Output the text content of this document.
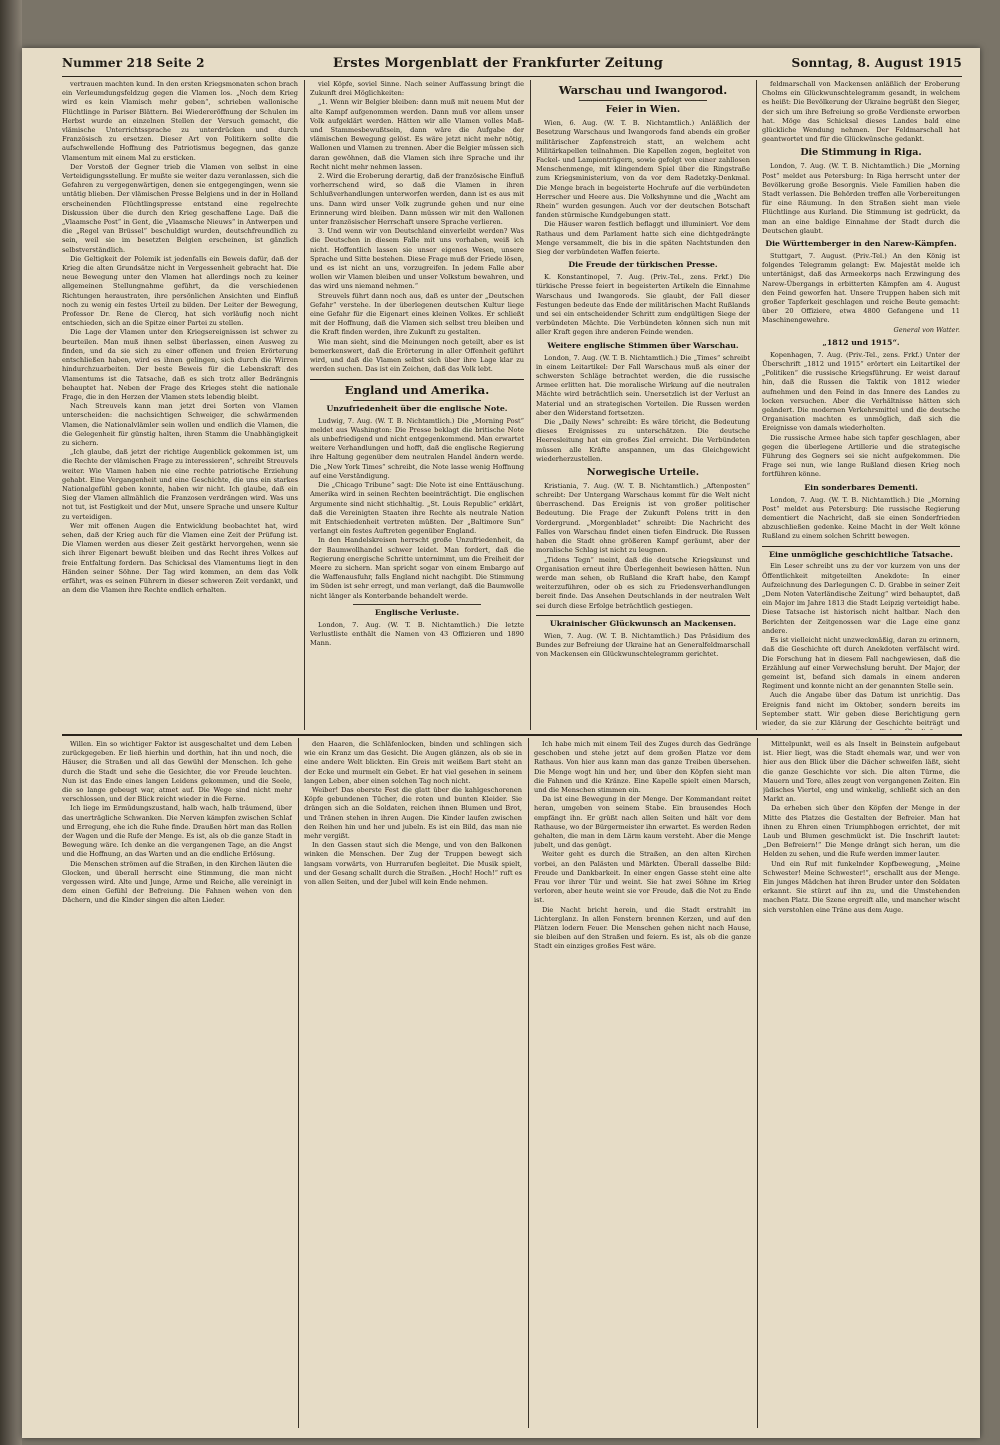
Nummer 218 Seite 2	Erstes Morgenblatt der Frankfurter Zeitung	Sonntag, 8. August 1915

vertrauen machten kund. In den ersten Kriegsmonaten schon brach ein Verleumdungsfeldzug gegen die Vlamen los. „Noch dem Krieg wird es kein Vlamisch mehr geben“, schrieben wallonische Flüchtlinge in Pariser Blättern. Bei Wiedereröffnung der Schulen im Herbst wurde an einzelnen Stellen der Versuch gemacht, die vlämische Unterrichtssprache zu unterdrücken und durch Französisch zu ersetzen. Dieser Art von Politikern sollte die aufschwellende Hoffnung des Patriotismus begegnen, das ganze Vlamentum mit einem Mal zu ersticken.

Der Vorstoß der Gegner trieb die Vlamen von selbst in eine Verteidigungsstellung. Er mußte sie weiter dazu veranlassen, sich die Gefahren zu vergegenwärtigen, denen sie entgegengingen, wenn sie untätig blieben. Der vlämischen Presse Belgiens und in der in Holland erscheinenden Flüchtlingspresse entstand eine regelrechte Diskussion über die durch den Krieg geschaffene Lage. Daß die „Vlaamsche Post“ in Gent, die „Vlaamsche Nieuws“ in Antwerpen und die „Regel van Brüssel“ beschuldigt wurden, deutschfreundlich zu sein, weil sie im besetzten Belgien erscheinen, ist gänzlich selbstverständlich.

Die Geltigkeit der Polemik ist jedenfalls ein Beweis dafür, daß der Krieg die alten Grundsätze nicht in Vergessenheit gebracht hat. Die neue Bewegung unter den Vlamen hat allerdings noch zu keiner allgemeinen Stellungnahme geführt, da die verschiedenen Richtungen heraustraten, ihre persönlichen Ansichten und Einfluß noch zu wenig ein festes Urteil zu bilden. Der Leiter der Bewegung, Professor Dr. Rene de Clercq, hat sich vorläufig noch nicht entschieden, sich an die Spitze einer Partei zu stellen.

Die Lage der Vlamen unter den Kriegsereignissen ist schwer zu beurteilen. Man muß ihnen selbst überlassen, einen Ausweg zu finden, und da sie sich zu einer offenen und freien Erörterung entschließen haben, wird es ihnen gelingen, sich durch die Wirren hindurchzuarbeiten. Der beste Beweis für die Lebenskraft des Vlamentums ist die Tatsache, daß es sich trotz aller Bedrängnis behauptet hat. Neben der Frage des Krieges steht die nationale Frage, die in den Herzen der Vlamen stets lebendig bleibt.

Nach Streuvels kann man jetzt drei Sorten von Vlamen unterscheiden: die nachsichtigen Schweiger, die schwärmenden Vlamen, die Nationalvlämler sein wollen und endlich die Vlamen, die die Gelegenheit für günstig halten, ihren Stamm die Unabhängigkeit zu sichern.

„Ich glaube, daß jetzt der richtige Augenblick gekommen ist, um die Rechte der vlämischen Frage zu interessieren“, schreibt Streuvels weiter. Wie Vlamen haben nie eine rechte patriotische Erziehung gehabt. Eine Vergangenheit und eine Geschichte, die uns ein starkes Nationalgefühl geben konnte, haben wir nicht. Ich glaube, daß ein Sieg der Vlamen allmählich die Franzosen verdrängen wird. Was uns not tut, ist Festigkeit und der Mut, unsere Sprache und unsere Kultur zu verteidigen.

Wer mit offenen Augen die Entwicklung beobachtet hat, wird sehen, daß der Krieg auch für die Vlamen eine Zeit der Prüfung ist. Die Vlamen werden aus dieser Zeit gestärkt hervorgehen, wenn sie sich ihrer Eigenart bewußt bleiben und das Recht ihres Volkes auf freie Entfaltung fordern. Das Schicksal des Vlamentums liegt in den Händen seiner Söhne. Der Tag wird kommen, an dem das Volk erfährt, was es seinen Führern in dieser schweren Zeit verdankt, und an dem die Vlamen ihre Rechte endlich erhalten.

viel Köpfe, soviel Sinne. Nach seiner Auffassung bringt die Zukunft drei Möglichkeiten:

„1. Wenn wir Belgier bleiben: dann muß mit neuem Mut der alte Kampf aufgenommen werden. Dann muß vor allem unser Volk aufgeklärt werden. Hätten wir alle Vlamen volles Maß- und Stammesbewußtsein, dann wäre die Aufgabe der vlämischen Bewegung gelöst. Es wäre jetzt nicht mehr nötig, Wallonen und Vlamen zu trennen. Aber die Belgier müssen sich daran gewöhnen, daß die Vlamen sich ihre Sprache und ihr Recht nicht mehr nehmen lassen.

2. Wird die Eroberung derartig, daß der französische Einfluß vorherrschend wird, so daß die Vlamen in ihren Schlußverhandlungen unterworfen werden, dann ist es aus mit uns. Dann wird unser Volk zugrunde gehen und nur eine Erinnerung wird bleiben. Dann müssen wir mit den Wallonen unter französischer Herrschaft unsere Sprache verlieren.

3. Und wenn wir von Deutschland einverleibt werden? Was die Deutschen in diesem Falle mit uns vorhaben, weiß ich nicht. Hoffentlich lassen sie unser eigenes Wesen, unsere Sprache und Sitte bestehen. Diese Frage muß der Friede lösen, und es ist nicht an uns, vorzugreifen. In jedem Falle aber wollen wir Vlamen bleiben und unser Volkstum bewahren, und das wird uns niemand nehmen.“

Streuvels führt dann noch aus, daß es unter der „Deutschen Gefahr“ verstehe. In der überlegenen deutschen Kultur liege eine Gefahr für die Eigenart eines kleinen Volkes. Er schließt mit der Hoffnung, daß die Vlamen sich selbst treu bleiben und die Kraft finden werden, ihre Zukunft zu gestalten.

Wie man sieht, sind die Meinungen noch geteilt, aber es ist bemerkenswert, daß die Erörterung in aller Offenheit geführt wird, und daß die Vlamen selbst sich über ihre Lage klar zu werden suchen. Das ist ein Zeichen, daß das Volk lebt.

England und Amerika.
Unzufriedenheit über die englische Note.

Ludwig, 7. Aug. (W. T. B. Nichtamtlich.) Die „Morning Post“ meldet aus Washington: Die Presse beklagt die britische Note als unbefriedigend und nicht entgegenkommend. Man erwartet weitere Verhandlungen und hofft, daß die englische Regierung ihre Haltung gegenüber dem neutralen Handel ändern werde. Die „New York Times“ schreibt, die Note lasse wenig Hoffnung auf eine Verständigung.

Die „Chicago Tribune“ sagt: Die Note ist eine Enttäuschung. Amerika wird in seinen Rechten beeinträchtigt. Die englischen Argumente sind nicht stichhaltig. „St. Louis Republic“ erklärt, daß die Vereinigten Staaten ihre Rechte als neutrale Nation mit Entschiedenheit vertreten müßten. Der „Baltimore Sun“ verlangt ein festes Auftreten gegenüber England.

In den Handelskreisen herrscht große Unzufriedenheit, da der Baumwollhandel schwer leidet. Man fordert, daß die Regierung energische Schritte unternimmt, um die Freiheit der Meere zu sichern. Man spricht sogar von einem Embargo auf die Waffenausfuhr, falls England nicht nachgibt. Die Stimmung im Süden ist sehr erregt, und man verlangt, daß die Baumwolle nicht länger als Konterbande behandelt werde.

Englische Verluste.

London, 7. Aug. (W. T. B. Nichtamtlich.) Die letzte Verlustliste enthält die Namen von 43 Offizieren und 1890 Mann.

Warschau und Iwangorod.
Feier in Wien.

Wien, 6. Aug. (W. T. B. Nichtamtlich.) Anläßlich der Besetzung Warschaus und Iwangorods fand abends ein großer militärischer Zapfenstreich statt, an welchem acht Militärkapellen teilnahmen. Die Kapellen zogen, begleitet von Fackel- und Lampionträgern, sowie gefolgt von einer zahllosen Menschenmenge, mit klingendem Spiel über die Ringstraße zum Kriegsministerium, von da vor dem Radetzky-Denkmal. Die Menge brach in begeisterte Hochrufe auf die verbündeten Herrscher und Heere aus. Die Volkshymne und die „Wacht am Rhein“ wurden gesungen. Auch vor der deutschen Botschaft fanden stürmische Kundgebungen statt.

Die Häuser waren festlich beflaggt und illuminiert. Vor dem Rathaus und dem Parlament hatte sich eine dichtgedrängte Menge versammelt, die bis in die späten Nachtstunden den Sieg der verbündeten Waffen feierte.

Die Freude der türkischen Presse.

K. Konstantinopel, 7. Aug. (Priv.-Tel., zens. Frkf.) Die türkische Presse feiert in begeisterten Artikeln die Einnahme Warschaus und Iwangorods. Sie glaubt, der Fall dieser Festungen bedeute das Ende der militärischen Macht Rußlands und sei ein entscheidender Schritt zum endgültigen Siege der verbündeten Mächte. Die Verbündeten können sich nun mit aller Kraft gegen ihre anderen Feinde wenden.

Weitere englische Stimmen über Warschau.

London, 7. Aug. (W. T. B. Nichtamtlich.) Die „Times“ schreibt in einem Leitartikel: Der Fall Warschaus muß als einer der schwersten Schläge betrachtet werden, die die russische Armee erlitten hat. Die moralische Wirkung auf die neutralen Mächte wird beträchtlich sein. Unersetzlich ist der Verlust an Material und an strategischen Vorteilen. Die Russen werden aber den Widerstand fortsetzen.

Die „Daily News“ schreibt: Es wäre töricht, die Bedeutung dieses Ereignisses zu unterschätzen. Die deutsche Heeresleitung hat ein großes Ziel erreicht. Die Verbündeten müssen alle Kräfte anspannen, um das Gleichgewicht wiederherzustellen.

Norwegische Urteile.

Kristiania, 7. Aug. (W. T. B. Nichtamtlich.) „Aftenposten“ schreibt: Der Untergang Warschaus kommt für die Welt nicht überraschend. Das Ereignis ist von großer politischer Bedeutung. Die Frage der Zukunft Polens tritt in den Vordergrund. „Morgenbladet“ schreibt: Die Nachricht des Falles von Warschau findet einen tiefen Eindruck. Die Russen haben die Stadt ohne größeren Kampf geräumt, aber der moralische Schlag ist nicht zu leugnen.

„Tidens Tegn“ meint, daß die deutsche Kriegskunst und Organisation erneut ihre Überlegenheit bewiesen hätten. Nun werde man sehen, ob Rußland die Kraft habe, den Kampf weiterzuführen, oder ob es sich zu Friedensverhandlungen bereit finde. Das Ansehen Deutschlands in der neutralen Welt sei durch diese Erfolge beträchtlich gestiegen.

Ukrainischer Glückwunsch an Mackensen.

Wien, 7. Aug. (W. T. B. Nichtamtlich.) Das Präsidium des Bundes zur Befreiung der Ukraine hat an Generalfeldmarschall von Mackensen ein Glückwunschtelegramm gerichtet.

feldmarschall von Mackensen anläßlich der Eroberung Cholms ein Glückwunschtelegramm gesandt, in welchem es heißt: Die Bevölkerung der Ukraine begrüßt den Sieger, der sich um ihre Befreiung so große Verdienste erworben hat. Möge das Schicksal dieses Landes bald eine glückliche Wendung nehmen. Der Feldmarschall hat geantwortet und für die Glückwünsche gedankt.

Die Stimmung in Riga.

London, 7. Aug. (W. T. B. Nichtamtlich.) Die „Morning Post“ meldet aus Petersburg: In Riga herrscht unter der Bevölkerung große Besorgnis. Viele Familien haben die Stadt verlassen. Die Behörden treffen alle Vorbereitungen für eine Räumung. In den Straßen sieht man viele Flüchtlinge aus Kurland. Die Stimmung ist gedrückt, da man an eine baldige Einnahme der Stadt durch die Deutschen glaubt.

Die Württemberger in den Narew-Kämpfen.

Stuttgart, 7. August. (Priv.-Tel.) An den König ist folgendes Telegramm gelangt: Ew. Majestät melde ich untertänigst, daß das Armeekorps nach Erzwingung des Narew-Übergangs in erbitterten Kämpfen am 4. August den Feind geworfen hat. Unsere Truppen haben sich mit großer Tapferkeit geschlagen und reiche Beute gemacht: über 20 Offiziere, etwa 4800 Gefangene und 11 Maschinengewehre.

General von Watter.

„1812 und 1915“.

Kopenhagen, 7. Aug. (Priv.-Tel., zens. Frkf.) Unter der Überschrift „1812 und 1915“ erörtert ein Leitartikel der „Politiken“ die russische Kriegsführung. Er weist darauf hin, daß die Russen die Taktik von 1812 wieder aufnehmen und den Feind in das Innere des Landes zu locken versuchen. Aber die Verhältnisse hätten sich geändert. Die modernen Verkehrsmittel und die deutsche Organisation machten es unmöglich, daß sich die Ereignisse von damals wiederholten.

Die russische Armee habe sich tapfer geschlagen, aber gegen die überlegene Artillerie und die strategische Führung des Gegners sei sie nicht aufgekommen. Die Frage sei nun, wie lange Rußland diesen Krieg noch fortführen könne.

Ein sonderbares Dementi.

London, 7. Aug. (W. T. B. Nichtamtlich.) Die „Morning Post“ meldet aus Petersburg: Die russische Regierung dementiert die Nachricht, daß sie einen Sonderfrieden abzuschließen gedenke. Keine Macht in der Welt könne Rußland zu einem solchen Schritt bewegen.

Eine unmögliche geschichtliche Tatsache.

Ein Leser schreibt uns zu der vor kurzem von uns der Öffentlichkeit mitgeteilten Anekdote: In einer Aufzeichnung des Darlegungen C. D. Grabbe in seiner Zeit „Dem Noten Vaterländische Zeitung“ wird behauptet, daß ein Major im Jahre 1813 die Stadt Leipzig verteidigt habe. Diese Tatsache ist historisch nicht haltbar. Nach den Berichten der Zeitgenossen war die Lage eine ganz andere.

Es ist vielleicht nicht unzweckmäßig, daran zu erinnern, daß die Geschichte oft durch Anekdoten verfälscht wird. Die Forschung hat in diesem Fall nachgewiesen, daß die Erzählung auf einer Verwechslung beruht. Der Major, der gemeint ist, befand sich damals in einem anderen Regiment und konnte nicht an der genannten Stelle sein.

Auch die Angabe über das Datum ist unrichtig. Das Ereignis fand nicht im Oktober, sondern bereits im September statt. Wir geben diese Berichtigung gern wieder, da sie zur Klärung der Geschichte beiträgt und

Willen. Ein so wichtiger Faktor ist ausgeschaltet und dem Leben zurückgegeben. Er ließ hierhin und dorthin, hat ihn und noch, die Häuser, die Straßen und all das Gewühl der Menschen. Ich gehe durch die Stadt und sehe die Gesichter, die vor Freude leuchten. Nun ist das Ende eines langen Leidens gekommen, und die Seele, die so lange gebeugt war, atmet auf. Die Wege sind nicht mehr verschlossen, und der Blick reicht wieder in die Ferne.

Ich liege im Ermüdungszustand, halb wach, halb träumend, über das unerträgliche Schwanken. Die Nerven kämpfen zwischen Schlaf und Erregung, ehe ich die Ruhe finde. Draußen hört man das Rollen der Wagen und die Rufe der Menge. Es ist, als ob die ganze Stadt in Bewegung wäre. Ich denke an die vergangenen Tage, an die Angst und die Hoffnung, an das Warten und an die endliche Erlösung.

Die Menschen strömen auf die Straßen, in den Kirchen läuten die Glocken, und überall herrscht eine Stimmung, die man nicht vergessen wird. Alte und Junge, Arme und Reiche, alle vereinigt in dem einen Gefühl der Befreiung. Die Fahnen wehen von den Dächern, und die Kinder singen die alten Lieder.

den Haaren, die Schläfenlocken, binden und schlingen sich wie ein Kranz um das Gesicht. Die Augen glänzen, als ob sie in eine andere Welt blickten. Ein Greis mit weißem Bart steht an der Ecke und murmelt ein Gebet. Er hat viel gesehen in seinem langen Leben, aber einen solchen Tag noch nicht.

Weiber! Das oberste Fest die glatt über die kahlgeschorenen Köpfe gebundenen Tücher, die roten und bunten Kleider. Sie drängen sich an die Soldaten, reichen ihnen Blumen und Brot, und Tränen stehen in ihren Augen. Die Kinder laufen zwischen den Reihen hin und her und jubeln. Es ist ein Bild, das man nie mehr vergißt.

In den Gassen staut sich die Menge, und von den Balkonen winken die Menschen. Der Zug der Truppen bewegt sich langsam vorwärts, von Hurrarufen begleitet. Die Musik spielt, und der Gesang schallt durch die Straßen. „Hoch! Hoch!“ ruft es von allen Seiten, und der Jubel will kein Ende nehmen.

Ich habe mich mit einem Teil des Zuges durch das Gedränge geschoben und stehe jetzt auf dem großen Platze vor dem Rathaus. Von hier aus kann man das ganze Treiben übersehen. Die Menge wogt hin und her, und über den Köpfen sieht man die Fahnen und die Kränze. Eine Kapelle spielt einen Marsch, und die Menschen stimmen ein.

Da ist eine Bewegung in der Menge. Der Kommandant reitet heran, umgeben von seinem Stabe. Ein brausendes Hoch empfängt ihn. Er grüßt nach allen Seiten und hält vor dem Rathause, wo der Bürgermeister ihn erwartet. Es werden Reden gehalten, die man in dem Lärm kaum versteht. Aber die Menge jubelt, und das genügt.

Weiter geht es durch die Straßen, an den alten Kirchen vorbei, an den Palästen und Märkten. Überall dasselbe Bild: Freude und Dankbarkeit. In einer engen Gasse steht eine alte Frau vor ihrer Tür und weint. Sie hat zwei Söhne im Krieg verloren, aber heute weint sie vor Freude, daß die Not zu Ende ist.

Die Nacht bricht herein, und die Stadt erstrahlt im Lichterglanz. In allen Fenstern brennen Kerzen, und auf den Plätzen lodern Feuer. Die Menschen gehen nicht nach Hause, sie bleiben auf den Straßen und feiern. Es ist, als ob die ganze Stadt ein einziges großes Fest wäre.

Mittelpunkt, weil es als Inselt in Beinstein aufgebaut ist. Hier liegt, was die Stadt ehemals war, und wer von hier aus den Blick über die Dächer schweifen läßt, sieht die ganze Geschichte vor sich. Die alten Türme, die Mauern und Tore, alles zeugt von vergangenen Zeiten. Ein jüdisches Viertel, eng und winkelig, schließt sich an den Markt an.

Da erheben sich über den Köpfen der Menge in der Mitte des Platzes die Gestalten der Befreier. Man hat ihnen zu Ehren einen Triumphbogen errichtet, der mit Laub und Blumen geschmückt ist. Die Inschrift lautet: „Den Befreiern!“ Die Menge drängt sich heran, um die Helden zu sehen, und die Rufe werden immer lauter.

Und ein Ruf mit funkelnder Kopfbewegung, „Meine Schwester! Meine Schwester!“, erschallt aus der Menge. Ein junges Mädchen hat ihren Bruder unter den Soldaten erkannt. Sie stürzt auf ihn zu, und die Umstehenden machen Platz. Die Szene ergreift alle, und mancher wischt sich verstohlen eine Träne aus dem Auge.
